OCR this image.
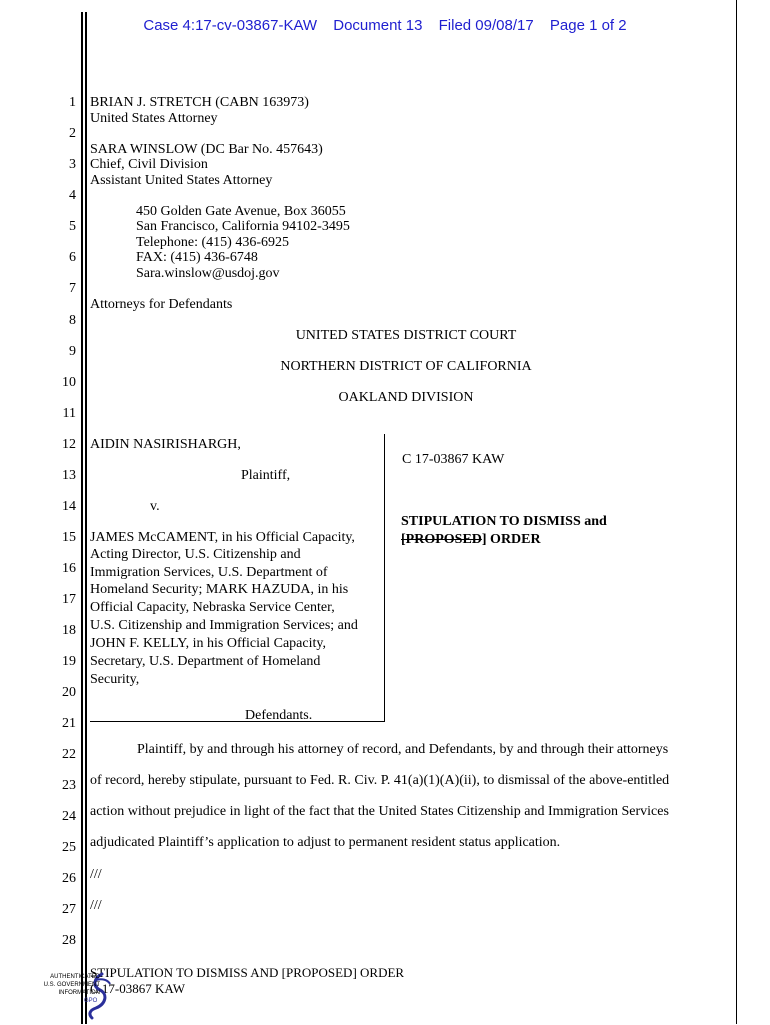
Case 4:17-cv-03867-KAW Document 13 Filed 09/08/17 Page 1 of 2
1
2
3
4
5
6
7
8
9
10
11
12
13
14
15
16
17
18
19
20
21
22
23
24
25
26
27
28
BRIAN J. STRETCH (CABN 163973)
United States Attorney
SARA WINSLOW (DC Bar No. 457643)
Chief, Civil Division
Assistant United States Attorney
450 Golden Gate Avenue, Box 36055
San Francisco, California 94102-3495
Telephone: (415) 436-6925
FAX: (415) 436-6748
Sara.winslow@usdoj.gov
Attorneys for Defendants
UNITED STATES DISTRICT COURT
NORTHERN DISTRICT OF CALIFORNIA
OAKLAND DIVISION
AIDIN NASIRISHARGH,
Plaintiff,
v.
JAMES McCAMENT, in his Official Capacity,
Acting Director, U.S. Citizenship and
Immigration Services, U.S. Department of
Homeland Security; MARK HAZUDA, in his
Official Capacity, Nebraska Service Center,
U.S. Citizenship and Immigration Services; and
JOHN F. KELLY, in his Official Capacity,
Secretary, U.S. Department of Homeland
Security,
Defendants.
C 17-03867 KAW
STIPULATION TO DISMISS and
[PROPOSED] ORDER
Plaintiff, by and through his attorney of record, and Defendants, by and through their attorneys
of record, hereby stipulate, pursuant to Fed. R. Civ. P. 41(a)(1)(A)(ii), to dismissal of the above-entitled
action without prejudice in light of the fact that the United States Citizenship and Immigration Services
adjudicated Plaintiff’s application to adjust to permanent resident status application.
///
///
STIPULATION TO DISMISS AND [PROPOSED] ORDER
C 17-03867 KAW
AUTHENTICATED
U.S. GOVERNMENT
INFORMATION
GPO
